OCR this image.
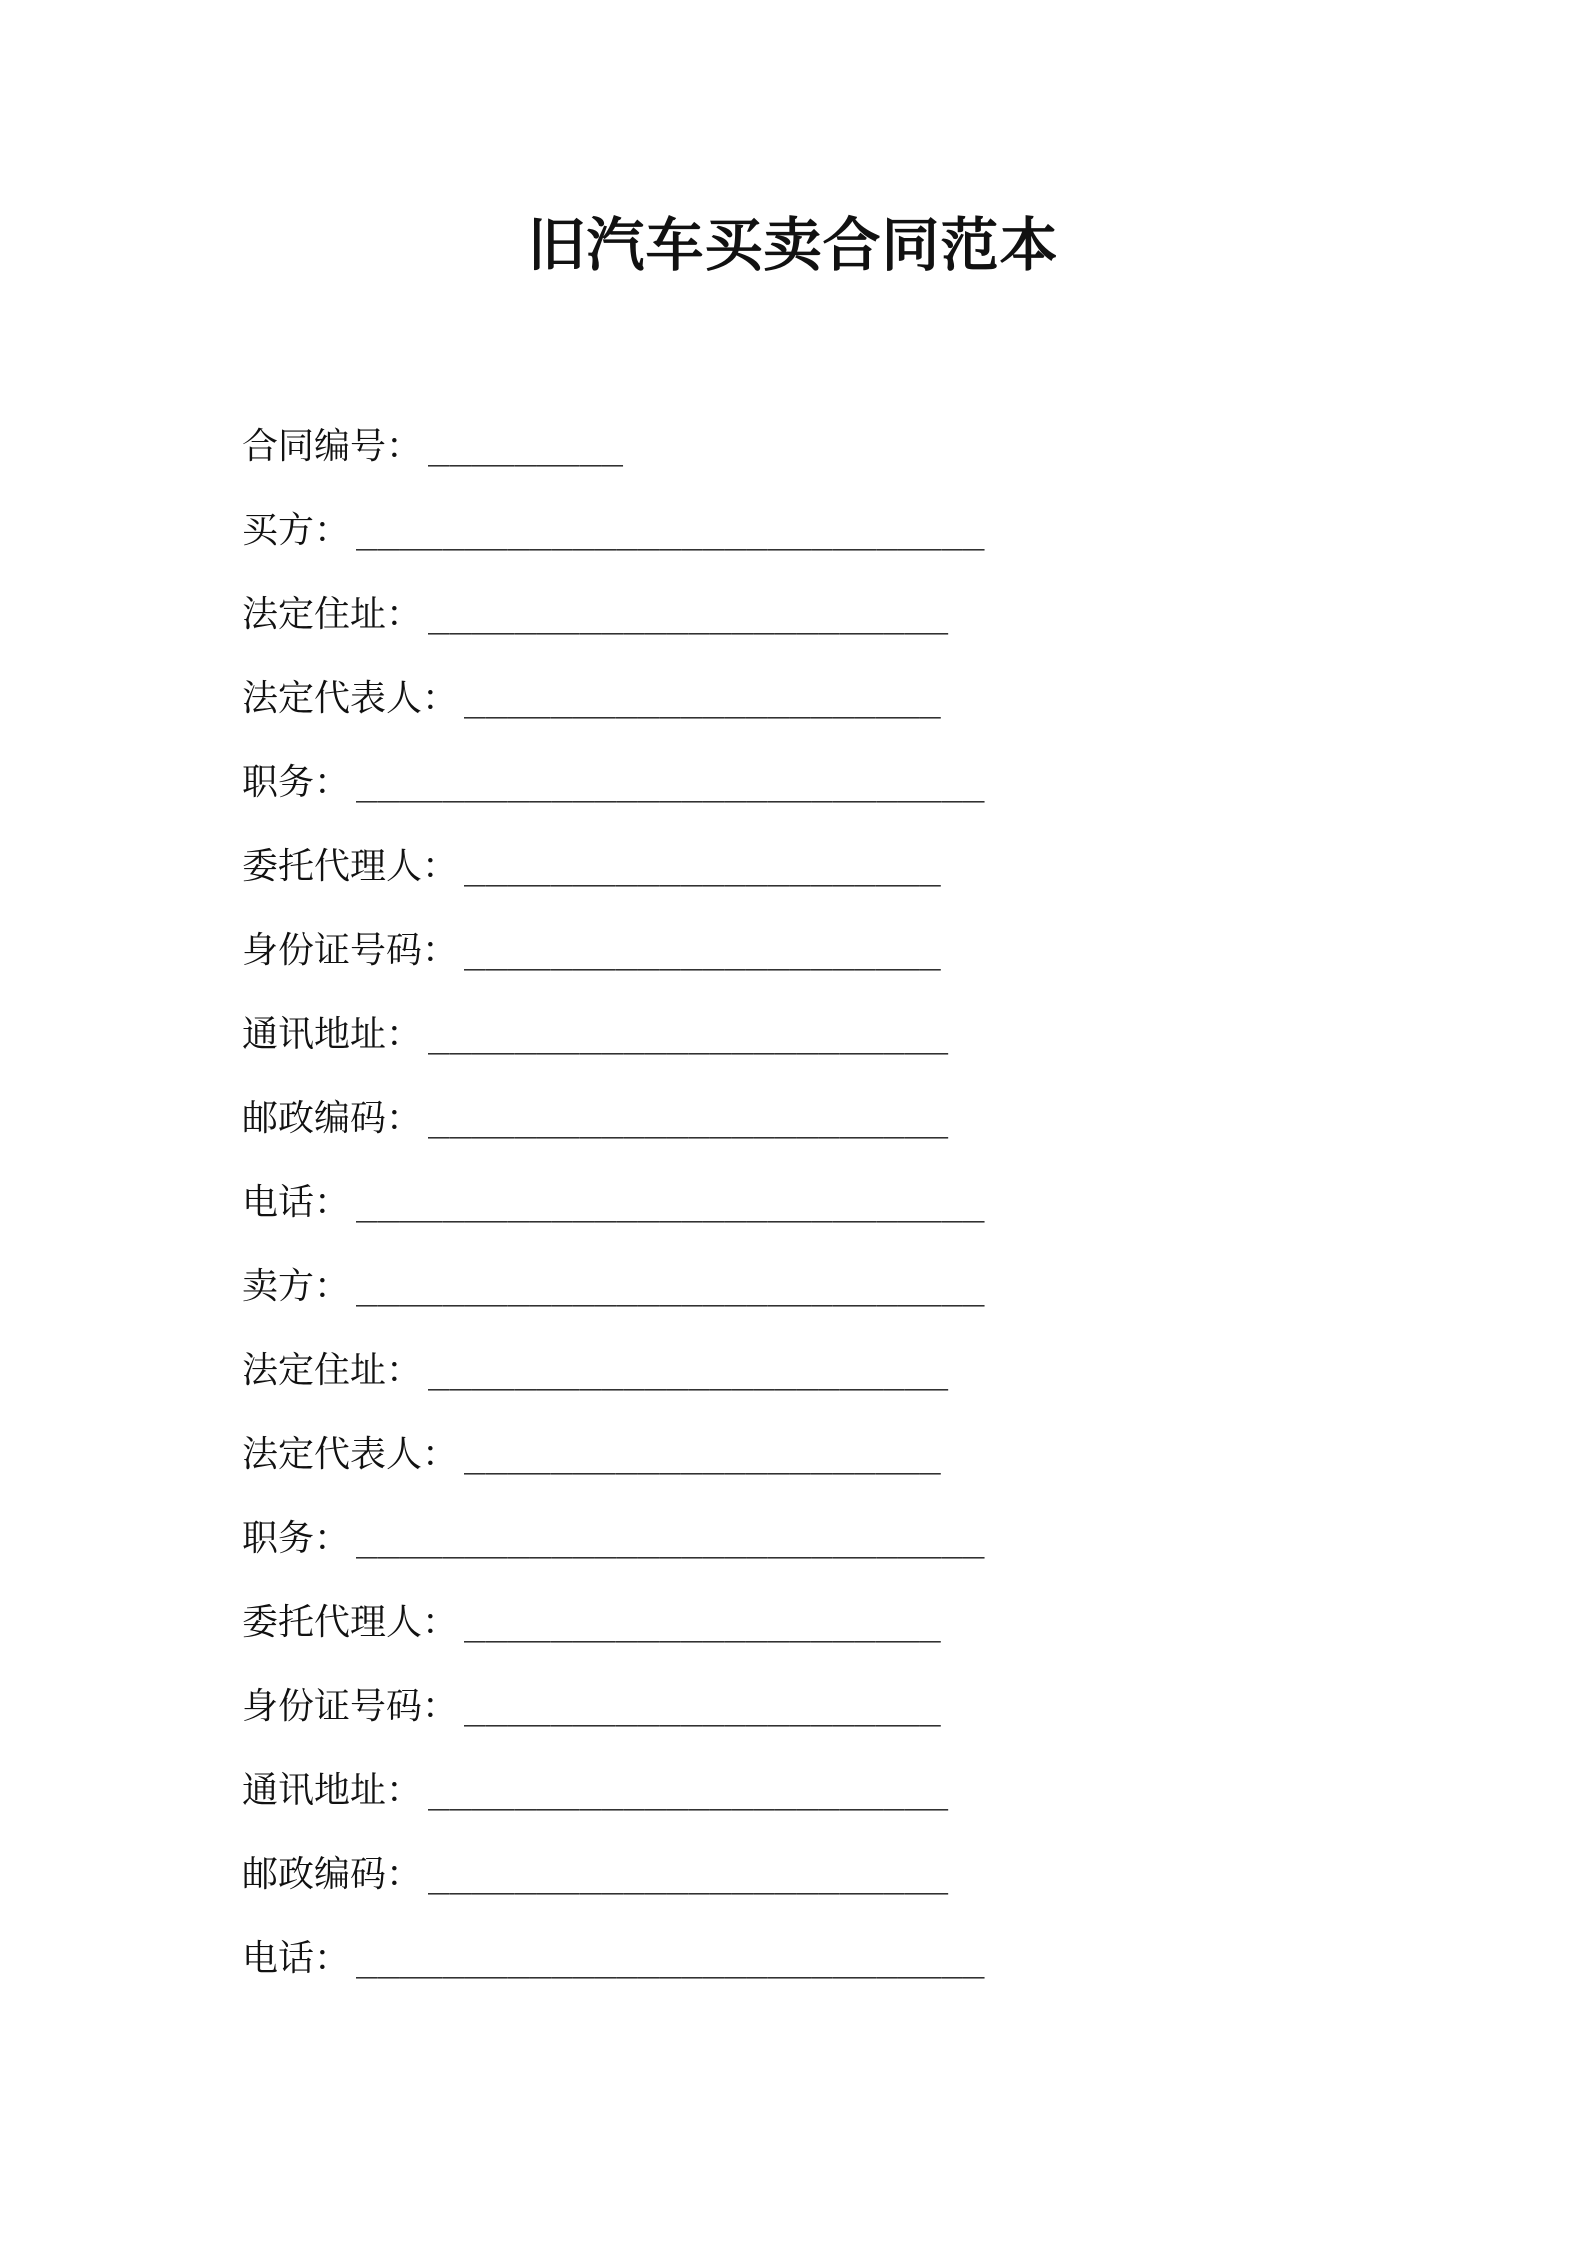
旧汽车买卖合同范本
合同编号： _________
买方： _____________________________
法定住址： ________________________
法定代表人： ______________________
职务： _____________________________
委托代理人： ______________________
身份证号码： ______________________
通讯地址： ________________________
邮政编码： ________________________
电话： _____________________________
卖方： _____________________________
法定住址： ________________________
法定代表人： ______________________
职务： _____________________________
委托代理人： ______________________
身份证号码： ______________________
通讯地址： ________________________
邮政编码： ________________________
电话： _____________________________
